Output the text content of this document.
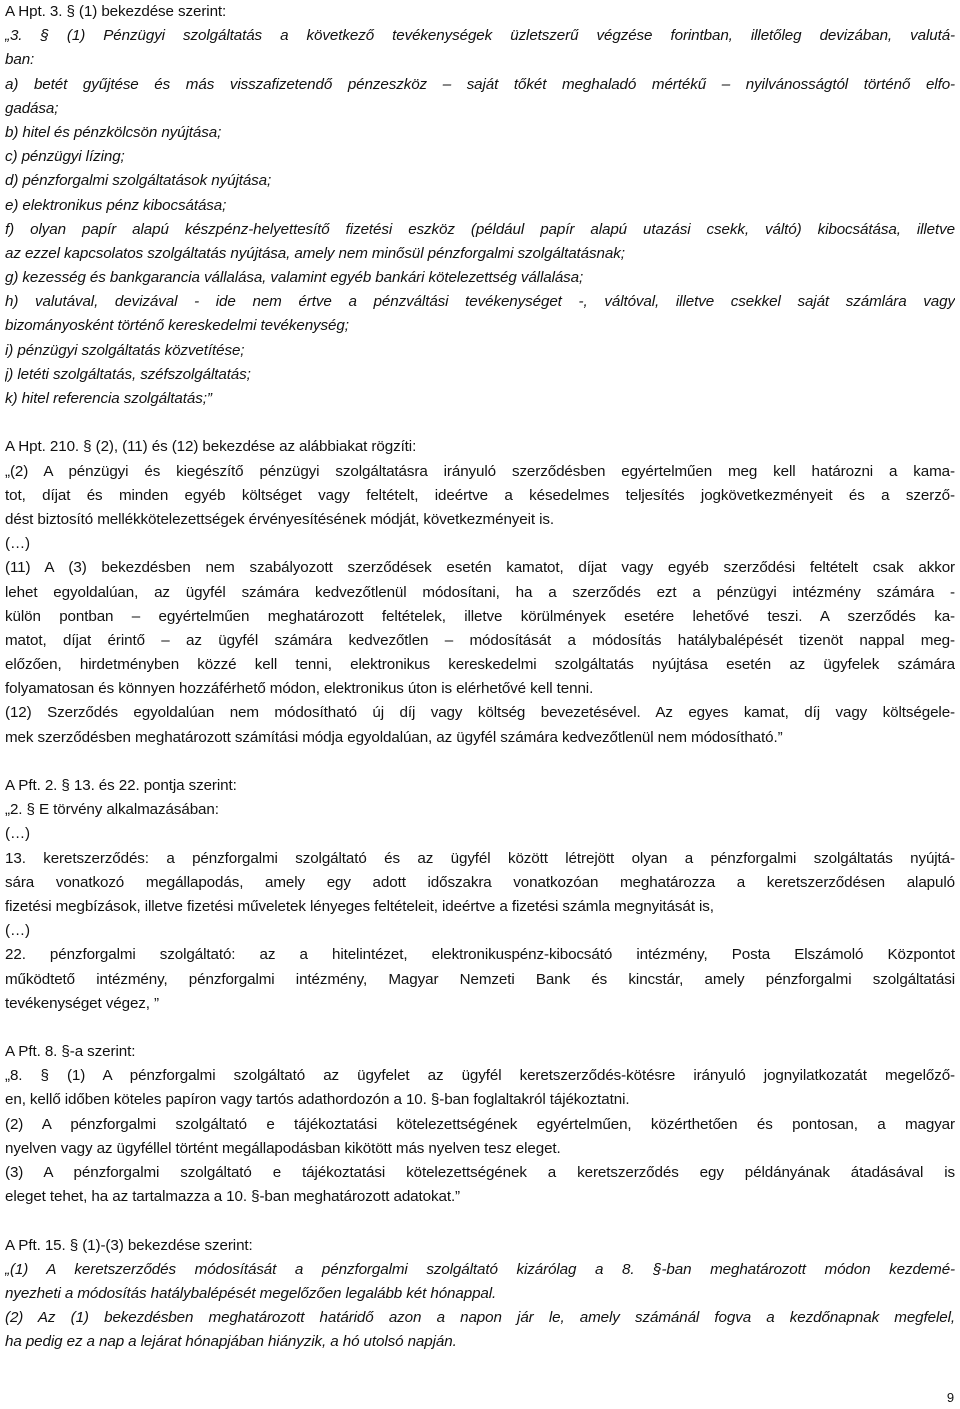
A Hpt. 3. § (1) bekezdése szerint:
„3. § (1) Pénzügyi szolgáltatás a következő tevékenységek üzletszerű végzése forintban, illetőleg devizában, valutá-
ban:
a) betét gyűjtése és más visszafizetendő pénzeszköz – saját tőkét meghaladó mértékű – nyilvánosságtól történő elfo-
gadása;
b) hitel és pénzkölcsön nyújtása;
c) pénzügyi lízing;
d) pénzforgalmi szolgáltatások nyújtása;
e) elektronikus pénz kibocsátása;
f) olyan papír alapú készpénz-helyettesítő fizetési eszköz (például papír alapú utazási csekk, váltó) kibocsátása, illetve
az ezzel kapcsolatos szolgáltatás nyújtása, amely nem minősül pénzforgalmi szolgáltatásnak;
g) kezesség és bankgarancia vállalása, valamint egyéb bankári kötelezettség vállalása;
h) valutával, devizával - ide nem értve a pénzváltási tevékenységet -, váltóval, illetve csekkel saját számlára vagy
bizományosként történő kereskedelmi tevékenység;
i) pénzügyi szolgáltatás közvetítése;
j) letéti szolgáltatás, széfszolgáltatás;
k) hitel referencia szolgáltatás;”
A Hpt. 210. § (2), (11) és (12) bekezdése az alábbiakat rögzíti:
„(2) A pénzügyi és kiegészítő pénzügyi szolgáltatásra irányuló szerződésben egyértelműen meg kell határozni a kama-
tot, díjat és minden egyéb költséget vagy feltételt, ideértve a késedelmes teljesítés jogkövetkezményeit és a szerző-
dést biztosító mellékkötelezettségek érvényesítésének módját, következményeit is.
(…)
(11) A (3) bekezdésben nem szabályozott szerződések esetén kamatot, díjat vagy egyéb szerződési feltételt csak akkor
lehet egyoldalúan, az ügyfél számára kedvezőtlenül módosítani, ha a szerződés ezt a pénzügyi intézmény számára -
külön pontban – egyértelműen meghatározott feltételek, illetve körülmények esetére lehetővé teszi. A szerződés ka-
matot, díjat érintő – az ügyfél számára kedvezőtlen – módosítását a módosítás hatálybalépését tizenöt nappal meg-
előzően, hirdetményben közzé kell tenni, elektronikus kereskedelmi szolgáltatás nyújtása esetén az ügyfelek számára
folyamatosan és könnyen hozzáférhető módon, elektronikus úton is elérhetővé kell tenni.
(12) Szerződés egyoldalúan nem módosítható új díj vagy költség bevezetésével. Az egyes kamat, díj vagy költségele-
mek szerződésben meghatározott számítási módja egyoldalúan, az ügyfél számára kedvezőtlenül nem módosítható.”
A Pft. 2. § 13. és 22. pontja szerint:
„2. § E törvény alkalmazásában:
(…)
13. keretszerződés: a pénzforgalmi szolgáltató és az ügyfél között létrejött olyan a pénzforgalmi szolgáltatás nyújtá-
sára vonatkozó megállapodás, amely egy adott időszakra vonatkozóan meghatározza a keretszerződésen alapuló
fizetési megbízások, illetve fizetési műveletek lényeges feltételeit, ideértve a fizetési számla megnyitását is,
(…)
22. pénzforgalmi szolgáltató: az a hitelintézet, elektronikuspénz-kibocsátó intézmény, Posta Elszámoló Központot
működtető intézmény, pénzforgalmi intézmény, Magyar Nemzeti Bank és kincstár, amely pénzforgalmi szolgáltatási
tevékenységet végez, ”
A Pft. 8. §-a szerint:
„8. § (1) A pénzforgalmi szolgáltató az ügyfelet az ügyfél keretszerződés-kötésre irányuló jognyilatkozatát megelőző-
en, kellő időben köteles papíron vagy tartós adathordozón a 10. §-ban foglaltakról tájékoztatni.
(2) A pénzforgalmi szolgáltató e tájékoztatási kötelezettségének egyértelműen, közérthetően és pontosan, a magyar
nyelven vagy az ügyféllel történt megállapodásban kikötött más nyelven tesz eleget.
(3) A pénzforgalmi szolgáltató e tájékoztatási kötelezettségének a keretszerződés egy példányának átadásával is
eleget tehet, ha az tartalmazza a 10. §-ban meghatározott adatokat.”
A Pft. 15. § (1)-(3) bekezdése szerint:
„(1) A keretszerződés módosítását a pénzforgalmi szolgáltató kizárólag a 8. §-ban meghatározott módon kezdemé-
nyezheti a módosítás hatálybalépését megelőzően legalább két hónappal.
(2) Az (1) bekezdésben meghatározott határidő azon a napon jár le, amely számánál fogva a kezdőnapnak megfelel,
ha pedig ez a nap a lejárat hónapjában hiányzik, a hó utolsó napján.
9
